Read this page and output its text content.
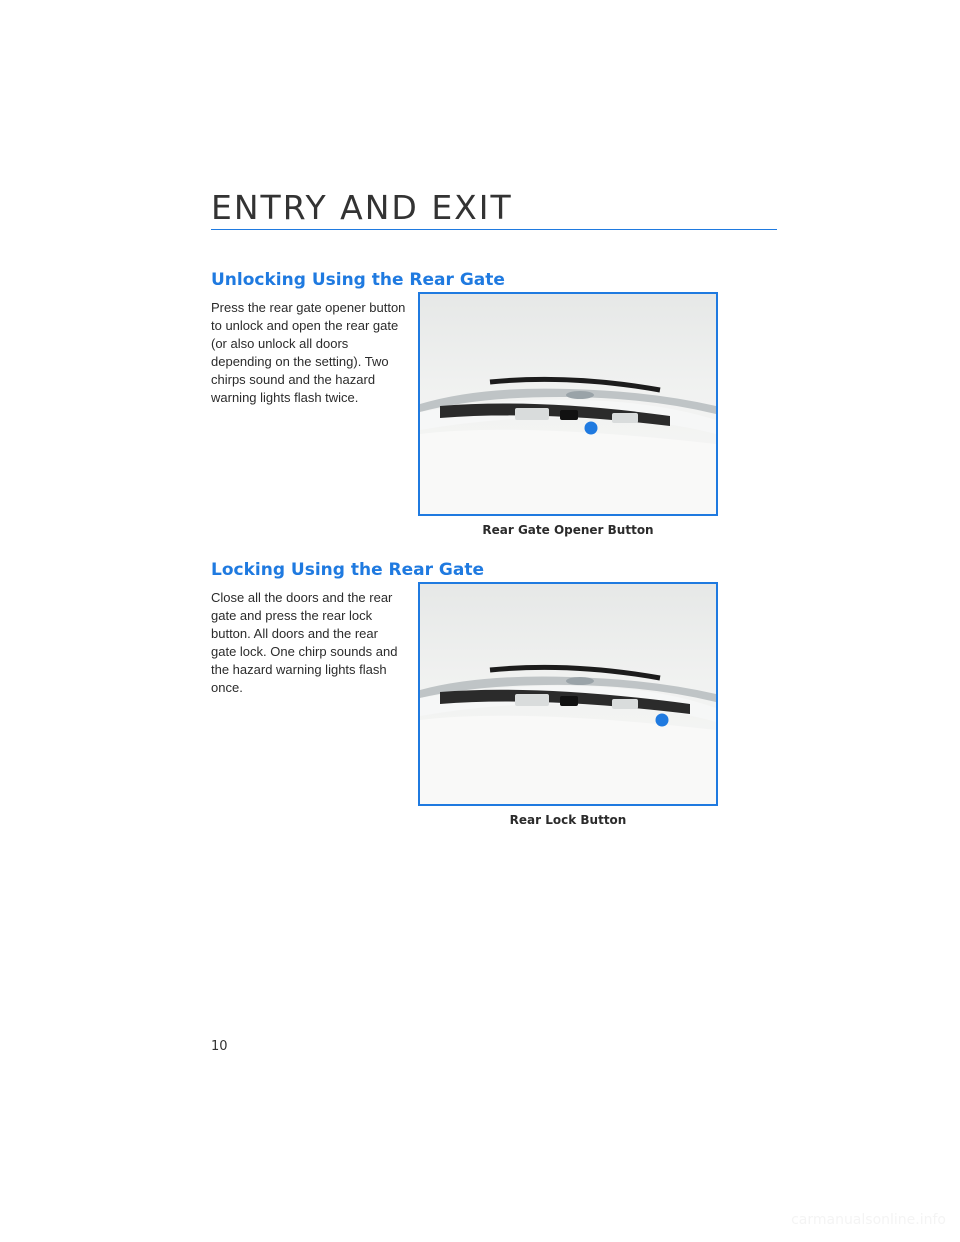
ENTRY AND EXIT
Unlocking Using the Rear Gate
Press the rear gate opener button
to unlock and open the rear gate
(or also unlock all doors
depending on the setting). Two
chirps sound and the hazard
warning lights flash twice.
Rear Gate Opener Button
Locking Using the Rear Gate
Close all the doors and the rear
gate and press the rear lock
button. All doors and the rear
gate lock. One chirp sounds and
the hazard warning lights flash
once.
Rear Lock Button
10
carmanualsonline.info
